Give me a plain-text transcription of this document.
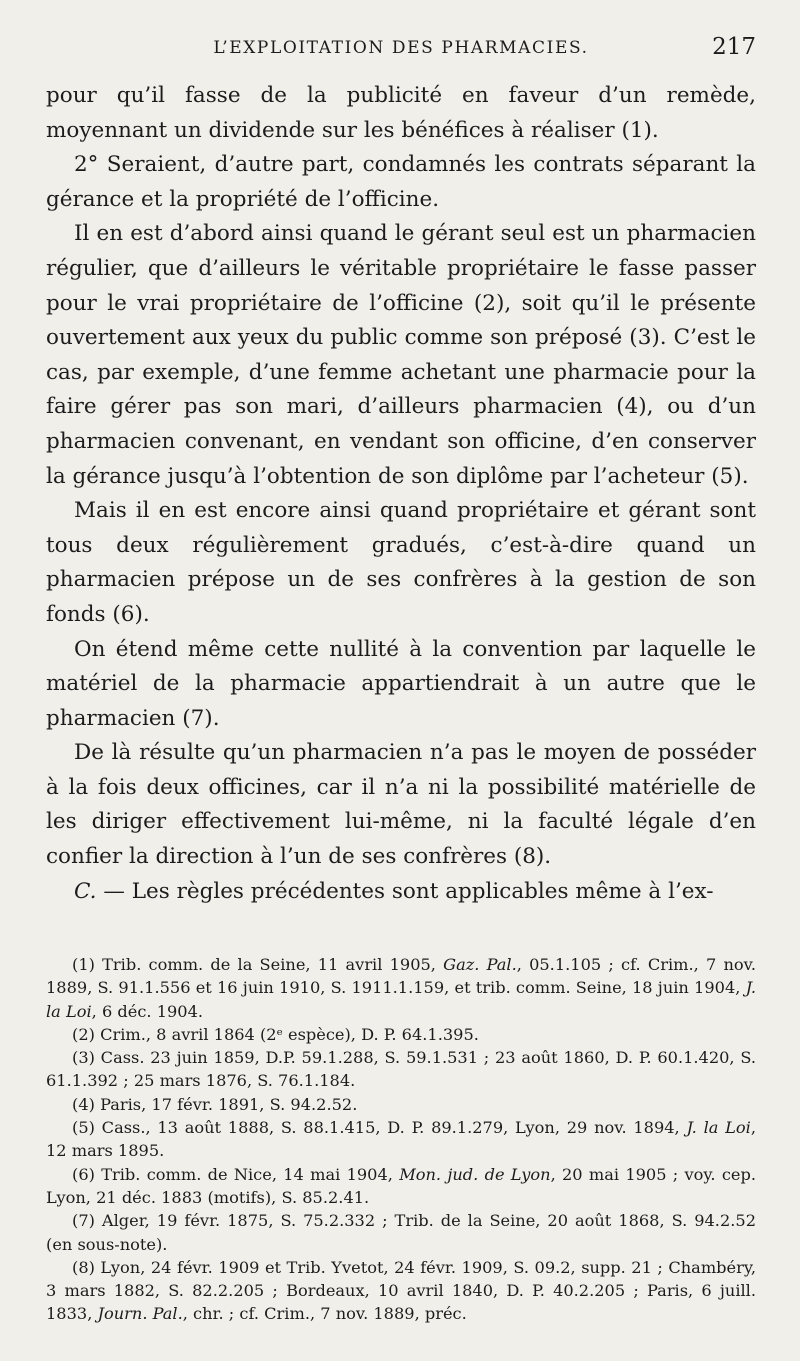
L’EXPLOITATION DES PHARMACIES.	217

pour qu’il fasse de la publicité en faveur d’un remède, moyennant un dividende sur les bénéfices à réaliser (1).

2° Seraient, d’autre part, condamnés les contrats séparant la gérance et la propriété de l’officine.

Il en est d’abord ainsi quand le gérant seul est un pharmacien régulier, que d’ailleurs le véritable propriétaire le fasse passer pour le vrai propriétaire de l’officine (2), soit qu’il le présente ouvertement aux yeux du public comme son préposé (3). C’est le cas, par exemple, d’une femme achetant une pharmacie pour la faire gérer pas son mari, d’ailleurs pharmacien (4), ou d’un pharmacien convenant, en vendant son officine, d’en conserver la gérance jusqu’à l’obtention de son diplôme par l’acheteur (5).

Mais il en est encore ainsi quand propriétaire et gérant sont tous deux régulièrement gradués, c’est-à-dire quand un pharmacien prépose un de ses confrères à la gestion de son fonds (6).

On étend même cette nullité à la convention par laquelle le matériel de la pharmacie appartiendrait à un autre que le pharmacien (7).

De là résulte qu’un pharmacien n’a pas le moyen de posséder à la fois deux officines, car il n’a ni la possibilité matérielle de les diriger effectivement lui-même, ni la faculté légale d’en confier la direction à l’un de ses confrères (8).

C. — Les règles précédentes sont applicables même à l’ex-

(1) Trib. comm. de la Seine, 11 avril 1905, Gaz. Pal., 05.1.105 ; cf. Crim., 7 nov. 1889, S. 91.1.556 et 16 juin 1910, S. 1911.1.159, et trib. comm. Seine, 18 juin 1904, J. la Loi, 6 déc. 1904.

(2) Crim., 8 avril 1864 (2ᵉ espèce), D. P. 64.1.395.

(3) Cass. 23 juin 1859, D.P. 59.1.288, S. 59.1.531 ; 23 août 1860, D. P. 60.1.420, S. 61.1.392 ; 25 mars 1876, S. 76.1.184.

(4) Paris, 17 févr. 1891, S. 94.2.52.

(5) Cass., 13 août 1888, S. 88.1.415, D. P. 89.1.279, Lyon, 29 nov. 1894, J. la Loi, 12 mars 1895.

(6) Trib. comm. de Nice, 14 mai 1904, Mon. jud. de Lyon, 20 mai 1905 ; voy. cep. Lyon, 21 déc. 1883 (motifs), S. 85.2.41.

(7) Alger, 19 févr. 1875, S. 75.2.332 ; Trib. de la Seine, 20 août 1868, S. 94.2.52 (en sous-note).

(8) Lyon, 24 févr. 1909 et Trib. Yvetot, 24 févr. 1909, S. 09.2, supp. 21 ; Chambéry, 3 mars 1882, S. 82.2.205 ; Bordeaux, 10 avril 1840, D. P. 40.2.205 ; Paris, 6 juill. 1833, Journ. Pal., chr. ; cf. Crim., 7 nov. 1889, préc.
